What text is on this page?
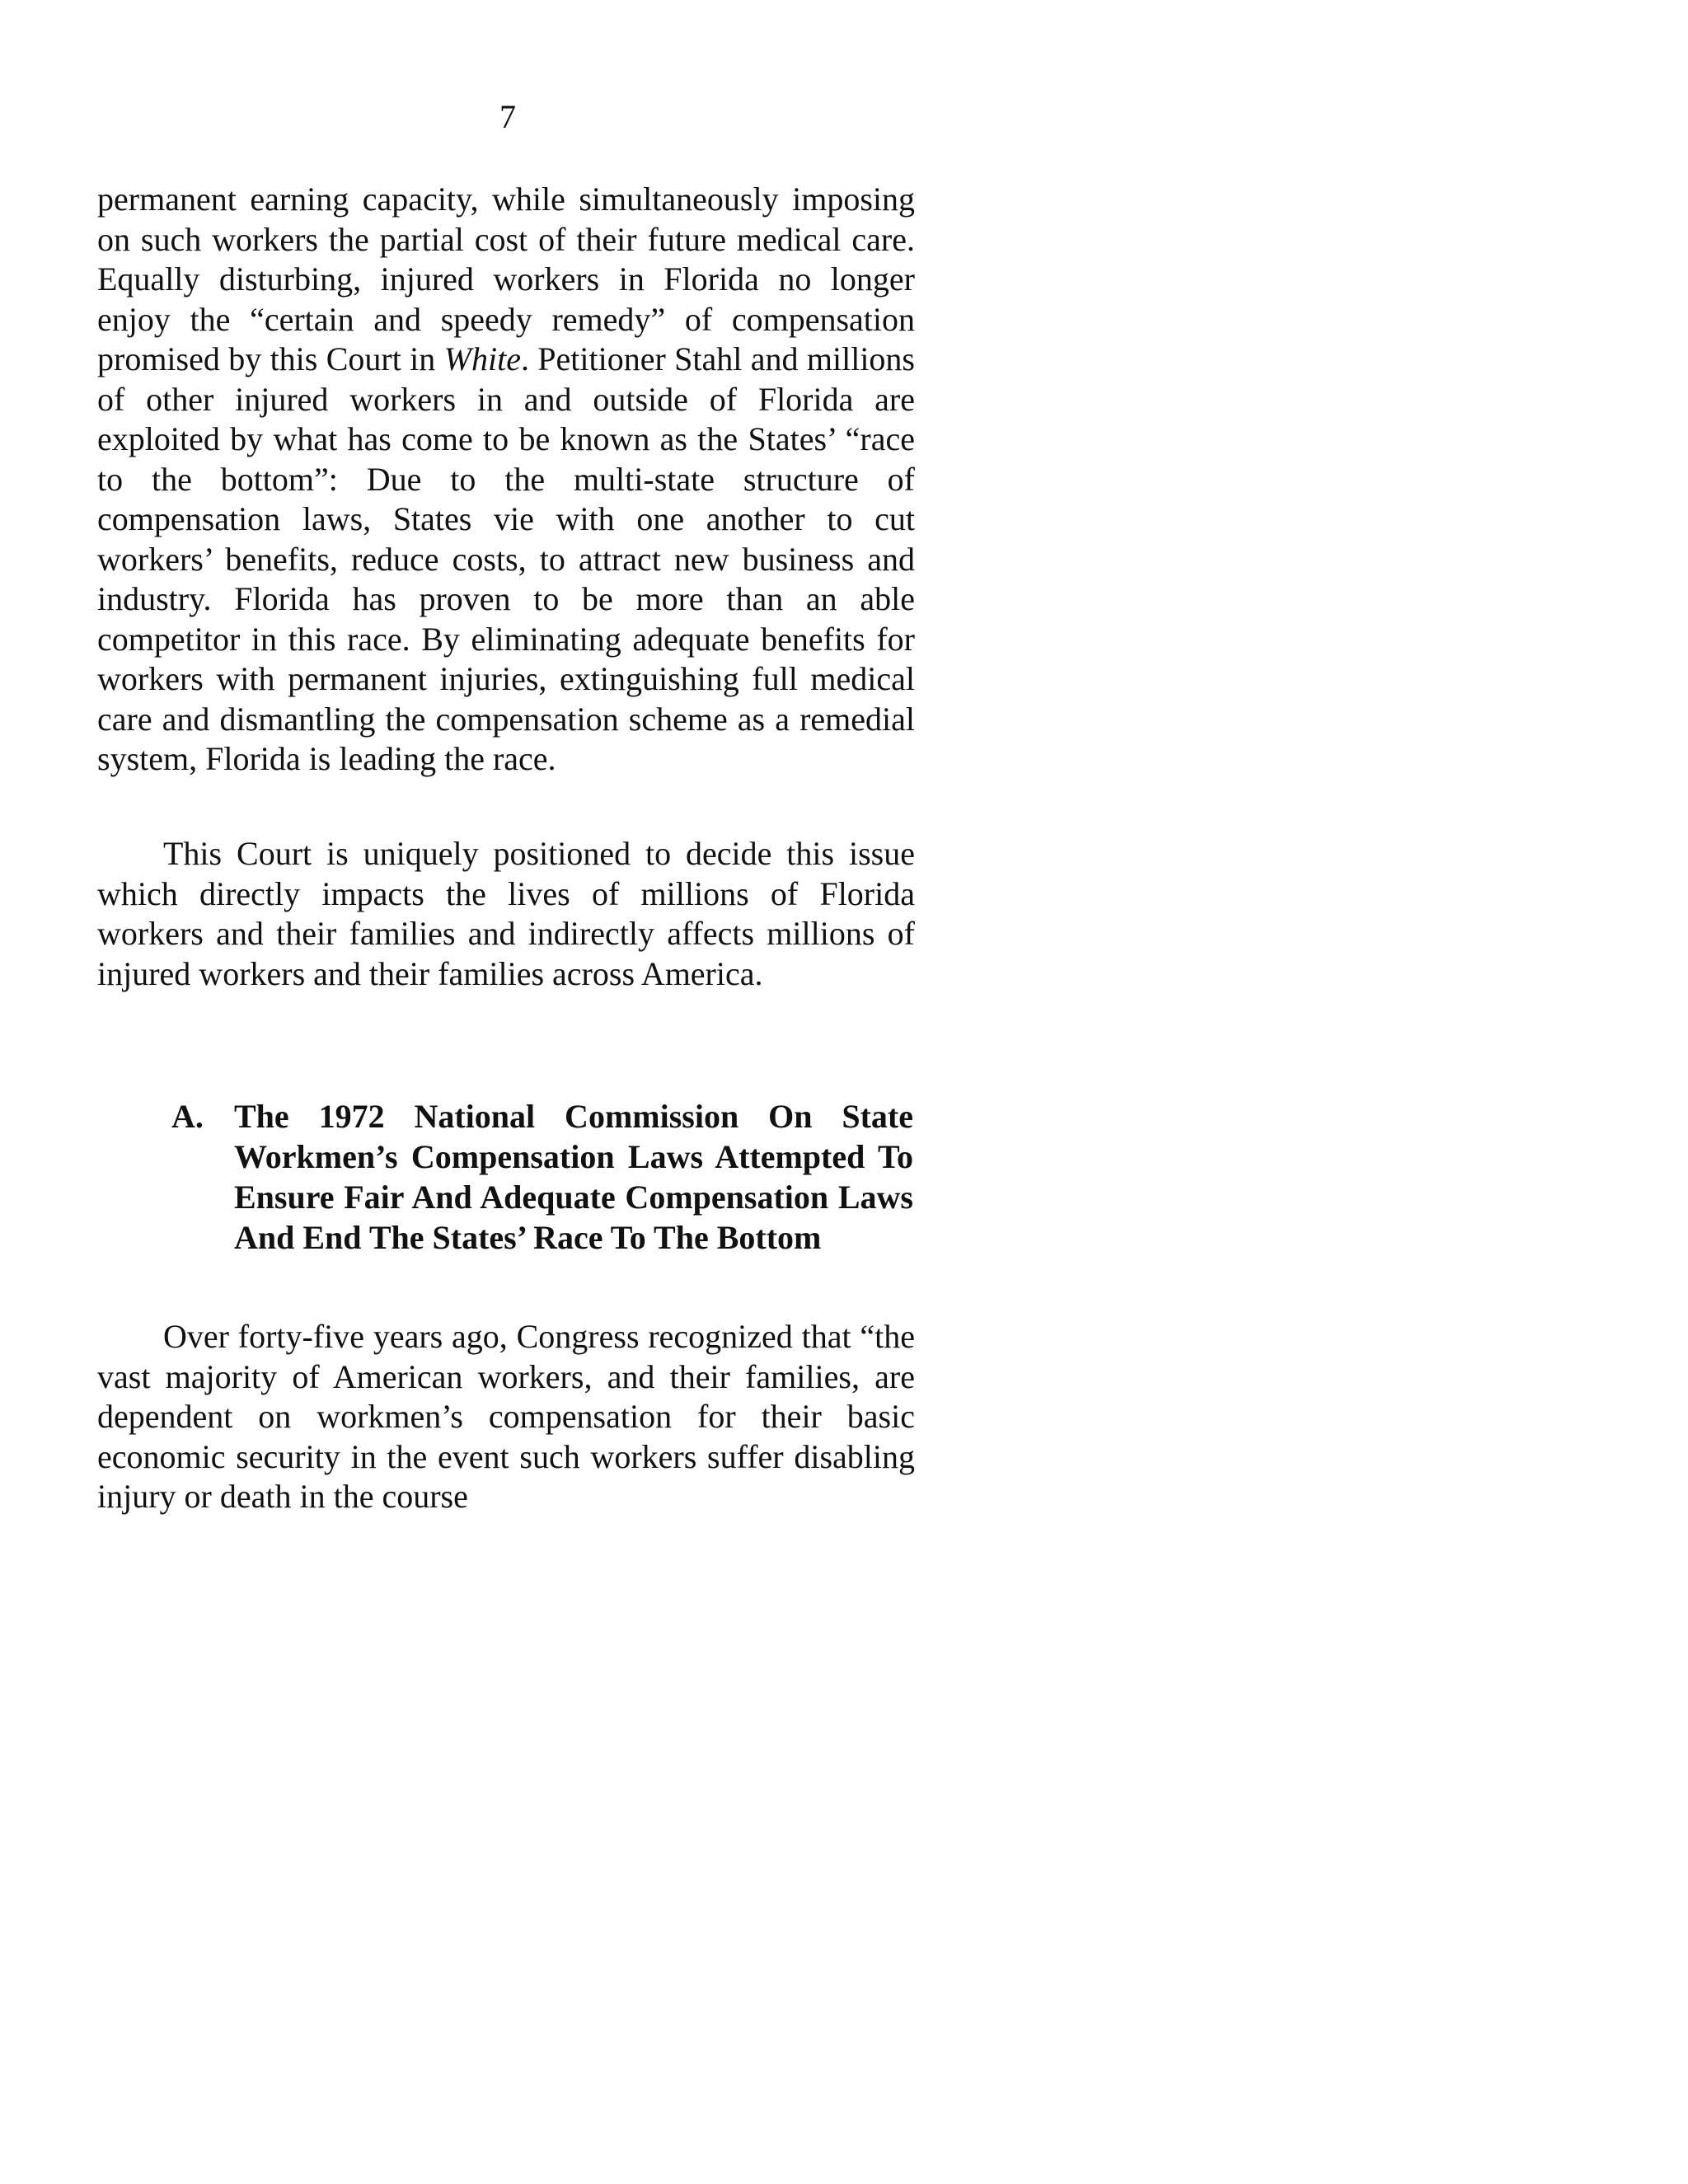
7

permanent earning capacity, while simultaneously imposing on such workers the partial cost of their future medical care. Equally disturbing, injured workers in Florida no longer enjoy the “certain and speedy remedy” of compensation promised by this Court in White. Petitioner Stahl and millions of other injured workers in and outside of Florida are exploited by what has come to be known as the States’ “race to the bottom”: Due to the multi-state structure of compensation laws, States vie with one another to cut workers’ benefits, reduce costs, to attract new business and industry. Florida has proven to be more than an able competitor in this race. By eliminating adequate benefits for workers with permanent injuries, extinguishing full medical care and dismantling the compensation scheme as a remedial system, Florida is leading the race.

This Court is uniquely positioned to decide this issue which directly impacts the lives of millions of Florida workers and their families and indirectly affects millions of injured workers and their families across America.

A. The 1972 National Commission On State Workmen’s Compensation Laws Attempted To Ensure Fair And Adequate Compensation Laws And End The States’ Race To The Bottom

Over forty-five years ago, Congress recognized that “the vast majority of American workers, and their families, are dependent on workmen’s compensation for their basic economic security in the event such workers suffer disabling injury or death in the course
